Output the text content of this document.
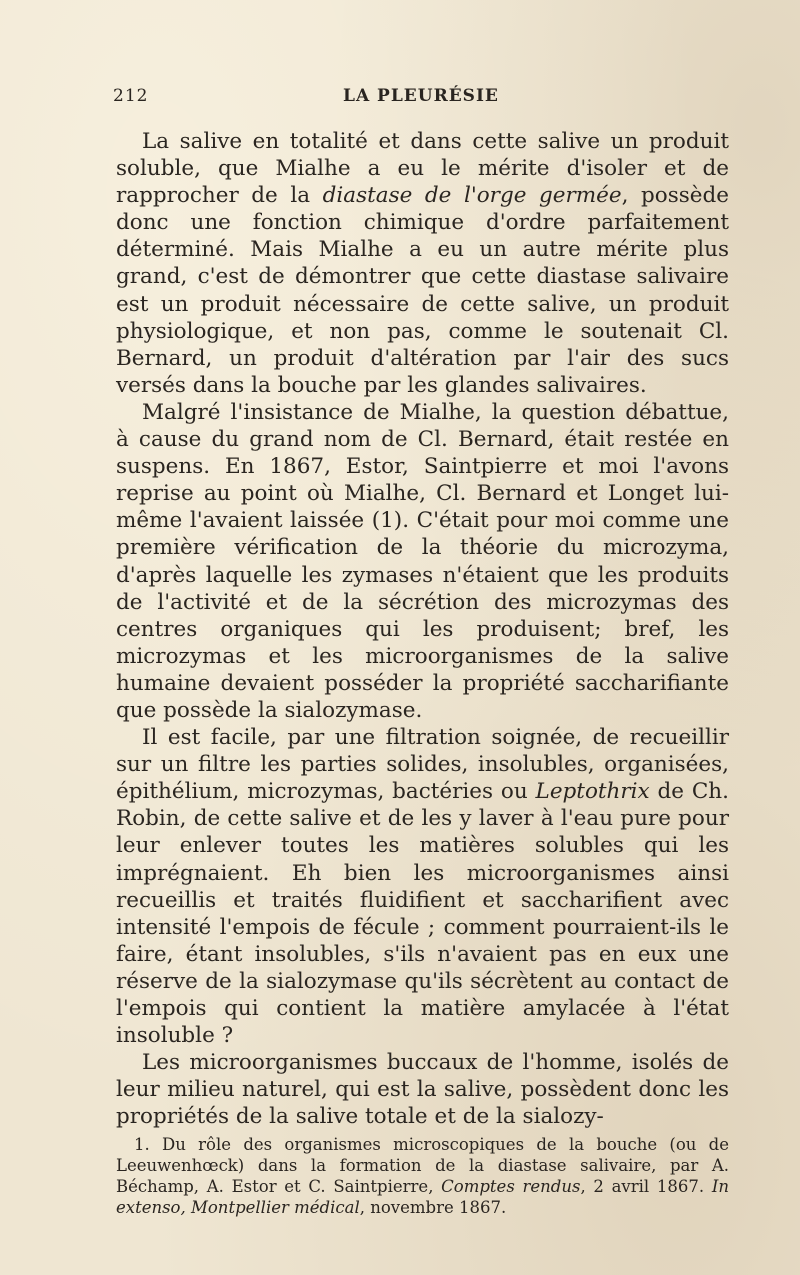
212	LA PLEURÉSIE

La salive en totalité et dans cette salive un produit soluble, que Mialhe a eu le mérite d'isoler et de rapprocher de la diastase de l'orge germée, possède donc une fonction chimique d'ordre parfaitement déterminé. Mais Mialhe a eu un autre mérite plus grand, c'est de démontrer que cette diastase salivaire est un produit nécessaire de cette salive, un produit physiologique, et non pas, comme le soutenait Cl. Bernard, un produit d'altération par l'air des sucs versés dans la bouche par les glandes salivaires.

Malgré l'insistance de Mialhe, la question débattue, à cause du grand nom de Cl. Bernard, était restée en suspens. En 1867, Estor, Saintpierre et moi l'avons reprise au point où Mialhe, Cl. Bernard et Longet lui-même l'avaient laissée (1). C'était pour moi comme une première vérification de la théorie du microzyma, d'après laquelle les zymases n'étaient que les produits de l'activité et de la sécrétion des microzymas des centres organiques qui les produisent; bref, les microzymas et les microorganismes de la salive humaine devaient posséder la propriété saccharifiante que possède la sialozymase.

Il est facile, par une filtration soignée, de recueillir sur un filtre les parties solides, insolubles, organisées, épithélium, microzymas, bactéries ou Leptothrix de Ch. Robin, de cette salive et de les y laver à l'eau pure pour leur enlever toutes les matières solubles qui les imprégnaient. Eh bien les microorganismes ainsi recueillis et traités fluidifient et saccharifient avec intensité l'empois de fécule ; comment pourraient-ils le faire, étant insolubles, s'ils n'avaient pas en eux une réserve de la sialozymase qu'ils sécrètent au contact de l'empois qui contient la matière amylacée à l'état insoluble ?

Les microorganismes buccaux de l'homme, isolés de leur milieu naturel, qui est la salive, possèdent donc les propriétés de la salive totale et de la sialozy-

1. Du rôle des organismes microscopiques de la bouche (ou de Leeuwenhœck) dans la formation de la diastase salivaire, par A. Béchamp, A. Estor et C. Saintpierre, Comptes rendus, 2 avril 1867. In extenso, Montpellier médical, novembre 1867.
